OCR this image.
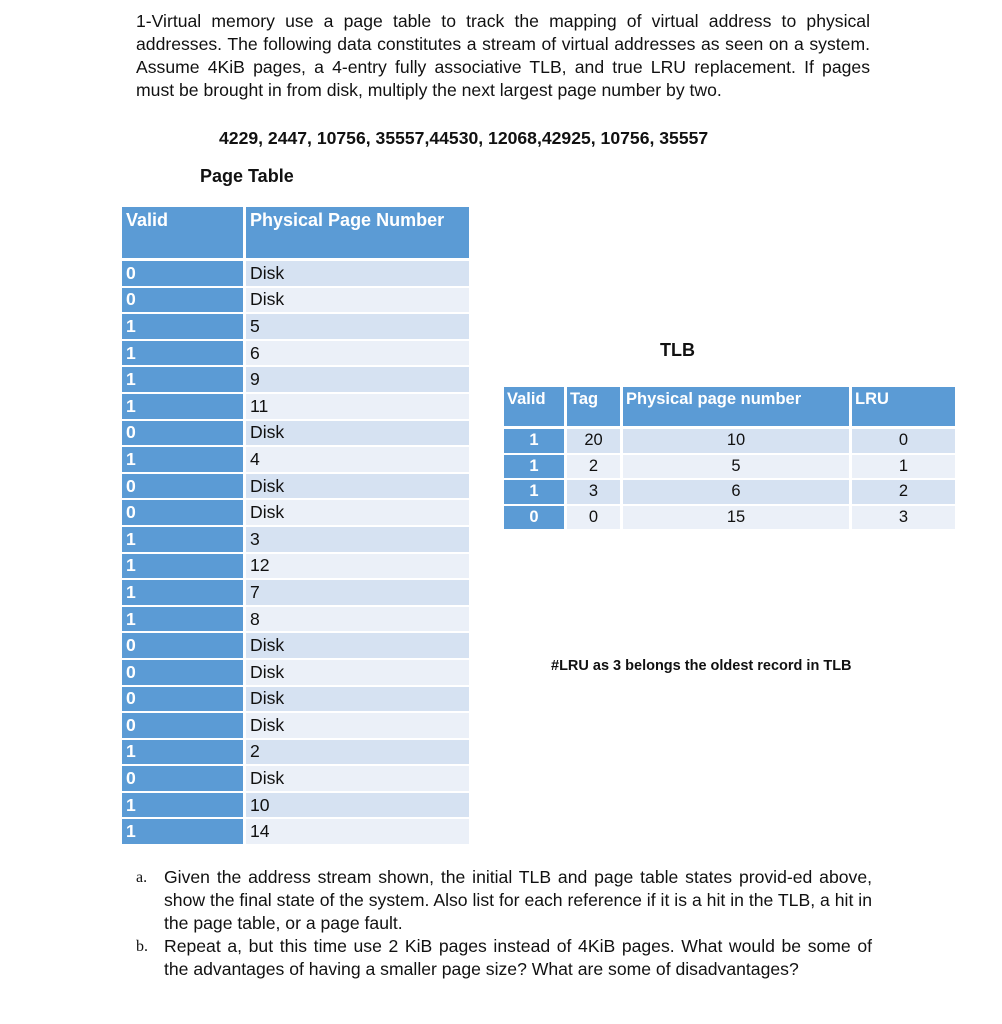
1-Virtual memory use a page table to track the mapping of virtual address to physical addresses. The following data constitutes a stream of virtual addresses as seen on a system. Assume 4KiB pages, a 4-entry fully associative TLB, and true LRU replacement. If pages must be brought in from disk, multiply the next largest page number by two.

4229, 2447, 10756, 35557,44530, 12068,42925, 10756, 35557
Page Table
Valid	Physical Page Number
0	Disk
0	Disk
1	5
1	6
1	9
1	11
0	Disk
1	4
0	Disk
0	Disk
1	3
1	12
1	7
1	8
0	Disk
0	Disk
0	Disk
0	Disk
1	2
0	Disk
1	10
1	14
TLB
Valid	Tag	Physical page number	LRU
1	20	10	0
1	2	5	1
1	3	6	2
0	0	15	3
#LRU as 3 belongs the oldest record in TLB
a. Given the address stream shown, the initial TLB and page table states provid-ed above, show the final state of the system. Also list for each reference if it is a hit in the TLB, a hit in the page table, or a page fault.
b. Repeat a, but this time use 2 KiB pages instead of 4KiB pages. What would be some of the advantages of having a smaller page size? What are some of disadvantages?
